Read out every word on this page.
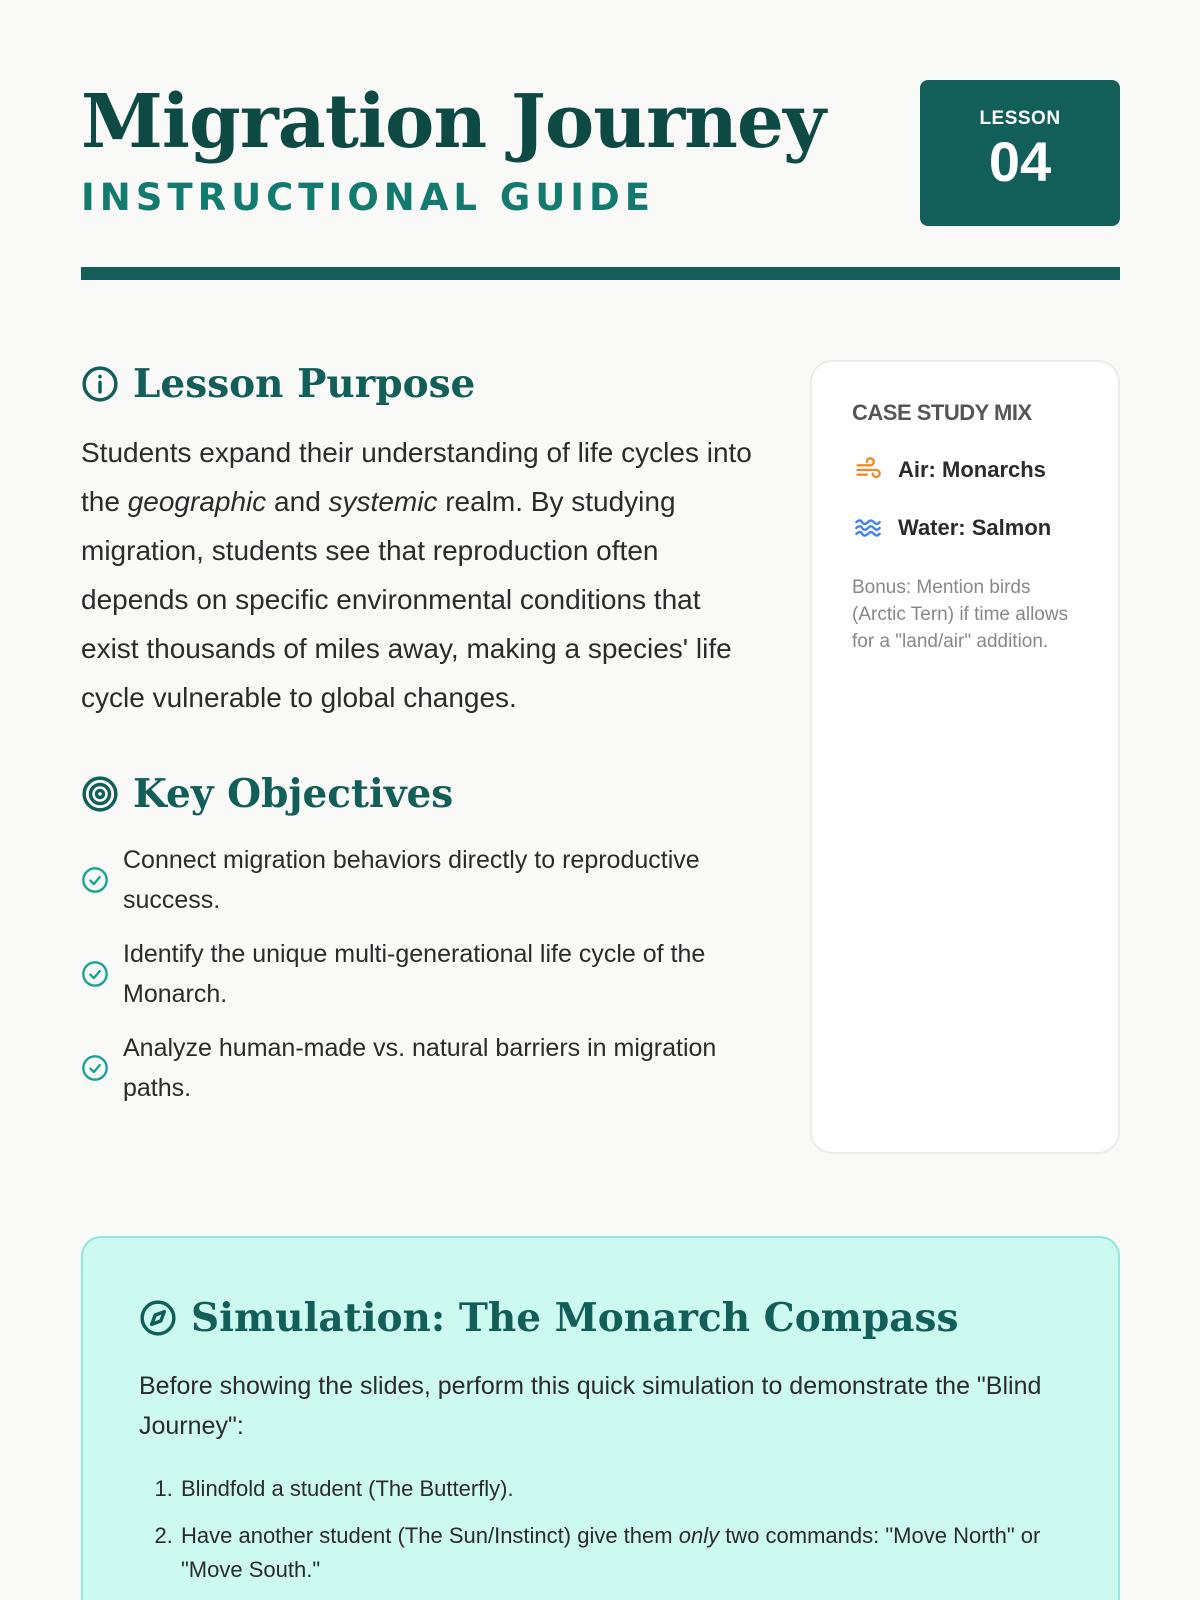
Migration Journey
INSTRUCTIONAL GUIDE
LESSON
04
Lesson Purpose

Students expand their understanding of life cycles into the geographic and systemic realm. By studying migration, students see that reproduction often depends on specific environmental conditions that exist thousands of miles away, making a species' life cycle vulnerable to global changes.

Key Objectives
Connect migration behaviors directly to reproductive success.
Identify the unique multi-generational life cycle of the Monarch.
Analyze human-made vs. natural barriers in migration paths.
CASE STUDY MIX
Air: Monarchs
Water: Salmon

Bonus: Mention birds (Arctic Tern) if time allows for a "land/air" addition.

Simulation: The Monarch Compass

Before showing the slides, perform this quick simulation to demonstrate the "Blind Journey":

1. Blindfold a student (The Butterfly).
2. Have another student (The Sun/Instinct) give them only two commands: "Move North" or "Move South."
